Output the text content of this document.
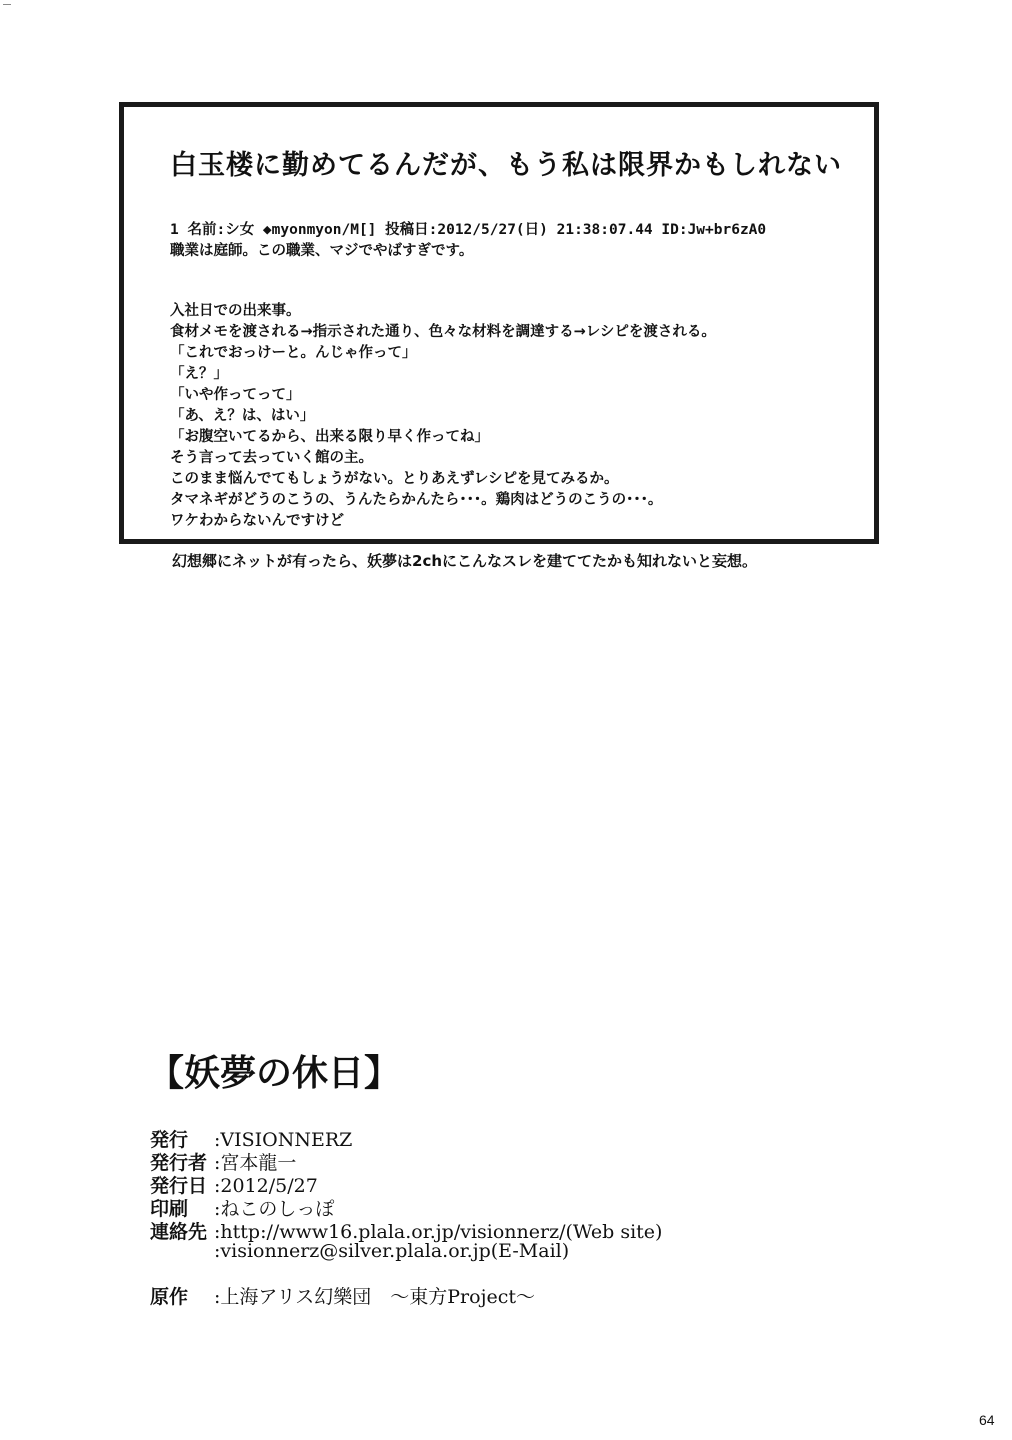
白玉楼に勤めてるんだが、もう私は限界かもしれない
1 名前:シ女 ◆myonmyon/M[] 投稿日:2012/5/27(日) 21:38:07.44 ID:Jw+br6zA0
職業は庭師。この職業、マジでやばすぎです。
入社日での出来事。
食材メモを渡される→指示された通り、色々な材料を調達する→レシピを渡される。
「これでおっけーと。んじゃ作って」
「え？」
「いや作ってって」
「あ、え？は、はい」
「お腹空いてるから、出来る限り早く作ってね」
そう言って去っていく館の主。
このまま悩んでてもしょうがない。とりあえずレシピを見てみるか。
タマネギがどうのこうの、うんたらかんたら･･･。鶏肉はどうのこうの･･･。
ワケわからないんですけど
幻想郷にネットが有ったら、妖夢は2chにこんなスレを建ててたかも知れないと妄想。
【妖夢の休日】
発行 :VISIONNERZ
発行者 :宮本龍一
発行日 :2012/5/27
印刷 :ねこのしっぽ
連絡先 :http://www16.plala.or.jp/visionnerz/(Web site)
:visionnerz@silver.plala.or.jp(E-Mail)
原作 :上海アリス幻樂団　～東方Project～
64
